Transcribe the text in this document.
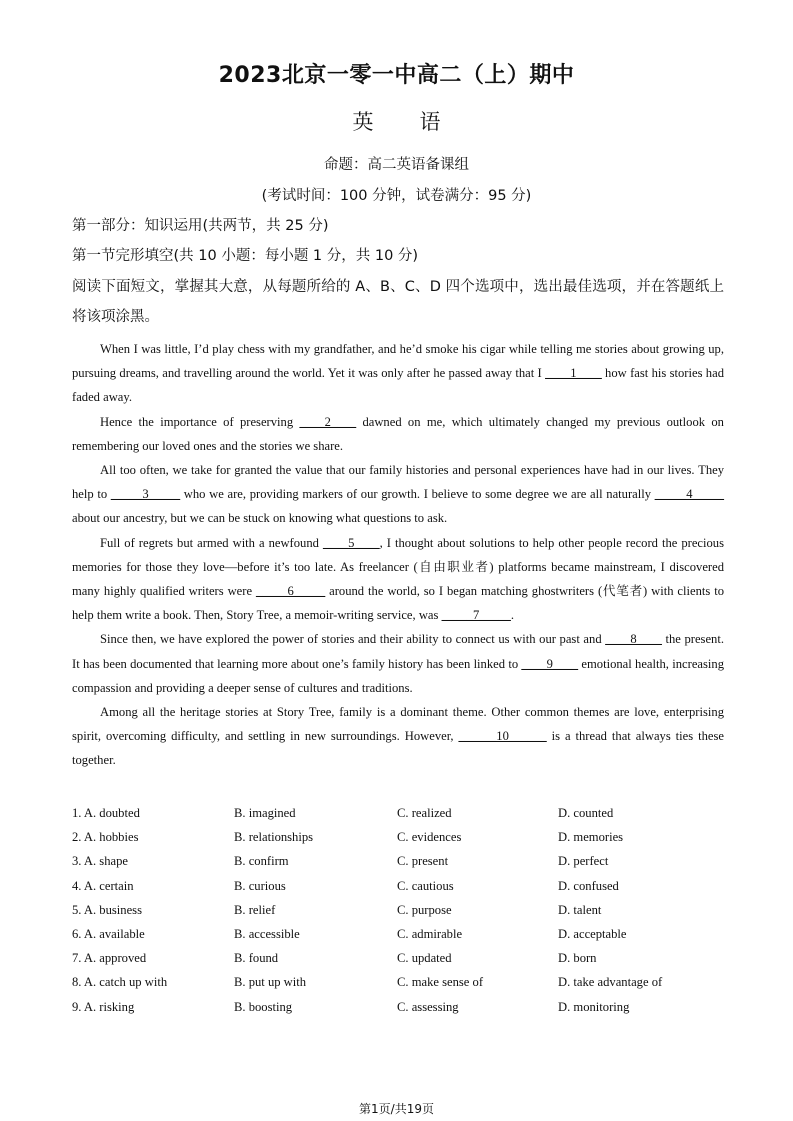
2023北京一零一中高二（上）期中
英 语
命题：高二英语备课组
(考试时间：100 分钟，试卷满分：95 分)
第一部分：知识运用(共两节，共 25 分)
第一节完形填空(共 10 小题：每小题 1 分，共 10 分)
阅读下面短文，掌握其大意，从每题所给的 A、B、C、D 四个选项中，选出最佳选项，并在答题纸上将该项涂黑。

When I was little, I’d play chess with my grandfather, and he’d smoke his cigar while telling me stories about growing up, pursuing dreams, and travelling around the world. Yet it was only after he passed away that I ____1____ how fast his stories had faded away.

Hence the importance of preserving ____2____ dawned on me, which ultimately changed my previous outlook on remembering our loved ones and the stories we share.

All too often, we take for granted the value that our family histories and personal experiences have had in our lives. They help to _____3_____ who we are, providing markers of our growth. I believe to some degree we are all naturally _____4_____ about our ancestry, but we can be stuck on knowing what questions to ask.

Full of regrets but armed with a newfound ____5____, I thought about solutions to help other people record the precious memories for those they love—before it’s too late. As freelancer (自由职业者) platforms became mainstream, I discovered many highly qualified writers were _____6_____ around the world, so I began matching ghostwriters (代笔者) with clients to help them write a book. Then, Story Tree, a memoir-writing service, was _____7_____.

Since then, we have explored the power of stories and their ability to connect us with our past and ____8____ the present. It has been documented that learning more about one’s family history has been linked to ____9____ emotional health, increasing compassion and providing a deeper sense of cultures and traditions.

Among all the heritage stories at Story Tree, family is a dominant theme. Other common themes are love, enterprising spirit, overcoming difficulty, and settling in new surroundings. However, ______10______ is a thread that always ties these together.

1. A. doubted	B. imagined	C. realized	D. counted
2. A. hobbies	B. relationships	C. evidences	D. memories
3. A. shape	B. confirm	C. present	D. perfect
4. A. certain	B. curious	C. cautious	D. confused
5. A. business	B. relief	C. purpose	D. talent
6. A. available	B. accessible	C. admirable	D. acceptable
7. A. approved	B. found	C. updated	D. born
8. A. catch up with	B. put up with	C. make sense of	D. take advantage of
9. A. risking	B. boosting	C. assessing	D. monitoring
第1页/共19页
